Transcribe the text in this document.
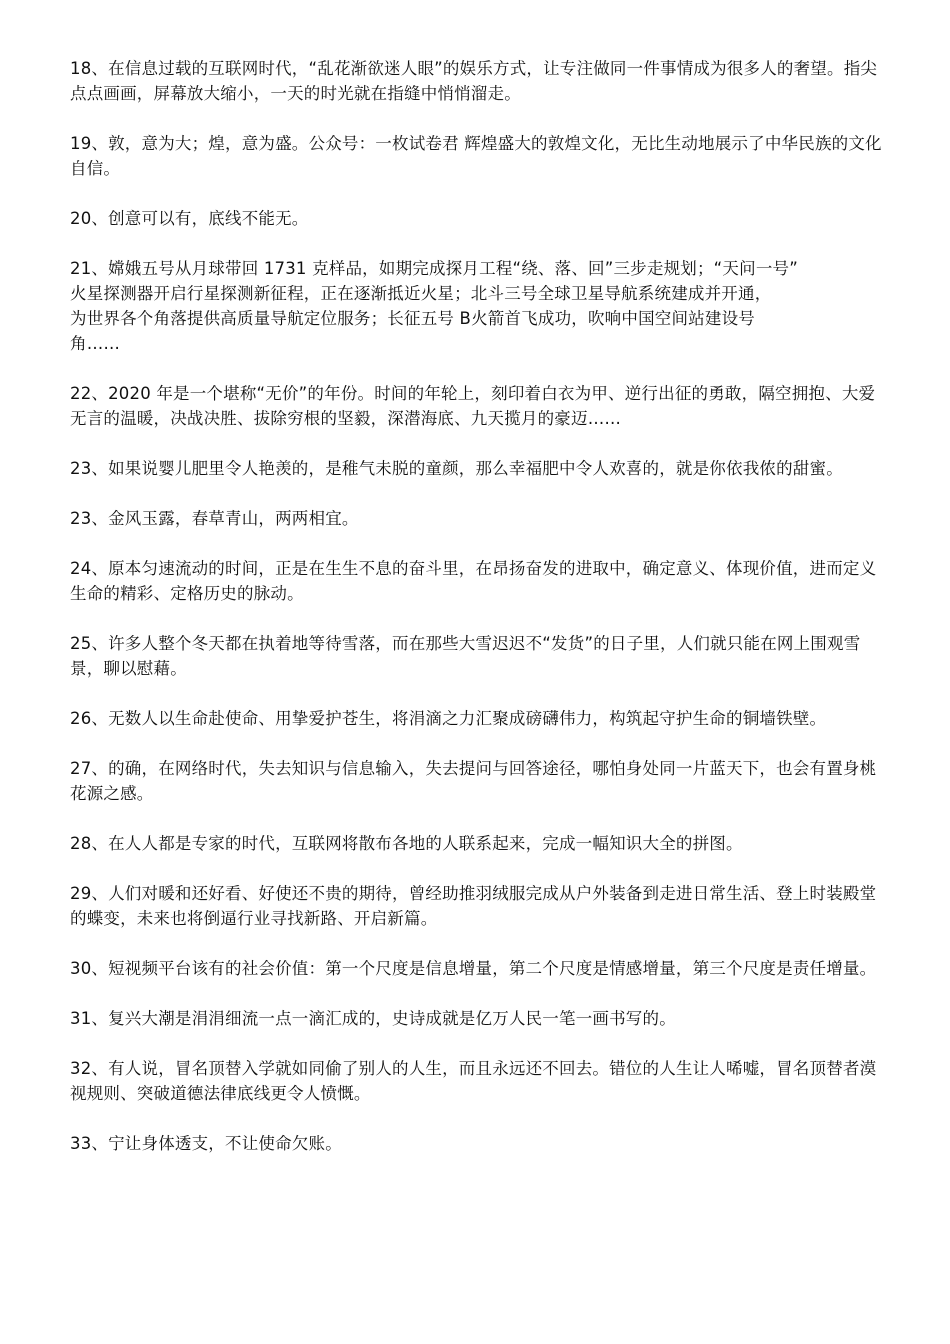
18、在信息过载的互联网时代，“乱花渐欲迷人眼”的娱乐方式，让专注做同一件事情成为很多人的奢望。指尖点点画画，屏幕放大缩小，一天的时光就在指缝中悄悄溜走。

19、敦，意为大；煌，意为盛。公众号：一枚试卷君 辉煌盛大的敦煌文化，无比生动地展示了中华民族的文化自信。

20、创意可以有，底线不能无。

21、嫦娥五号从月球带回 1731 克样品，如期完成探月工程“绕、落、回”三步走规划；“天问一号”
火星探测器开启行星探测新征程，正在逐渐抵近火星；北斗三号全球卫星导航系统建成并开通，
为世界各个角落提供高质量导航定位服务；长征五号 B火箭首飞成功，吹响中国空间站建设号
角……

22、2020 年是一个堪称“无价”的年份。时间的年轮上，刻印着白衣为甲、逆行出征的勇敢，隔空拥抱、大爱无言的温暖，决战决胜、拔除穷根的坚毅，深潜海底、九天揽月的豪迈……

23、如果说婴儿肥里令人艳羡的，是稚气未脱的童颜，那么幸福肥中令人欢喜的，就是你依我侬的甜蜜。

23、金风玉露，春草青山，两两相宜。

24、原本匀速流动的时间，正是在生生不息的奋斗里，在昂扬奋发的进取中，确定意义、体现价值，进而定义生命的精彩、定格历史的脉动。

25、许多人整个冬天都在执着地等待雪落，而在那些大雪迟迟不“发货”的日子里，人们就只能在网上围观雪景，聊以慰藉。

26、无数人以生命赴使命、用挚爱护苍生，将涓滴之力汇聚成磅礴伟力，构筑起守护生命的铜墙铁壁。

27、的确，在网络时代，失去知识与信息输入，失去提问与回答途径，哪怕身处同一片蓝天下，也会有置身桃花源之感。

28、在人人都是专家的时代，互联网将散布各地的人联系起来，完成一幅知识大全的拼图。

29、人们对暖和还好看、好使还不贵的期待，曾经助推羽绒服完成从户外装备到走进日常生活、登上时装殿堂的蝶变，未来也将倒逼行业寻找新路、开启新篇。

30、短视频平台该有的社会价值：第一个尺度是信息增量，第二个尺度是情感增量，第三个尺度是责任增量。

31、复兴大潮是涓涓细流一点一滴汇成的，史诗成就是亿万人民一笔一画书写的。

32、有人说，冒名顶替入学就如同偷了别人的人生，而且永远还不回去。错位的人生让人唏嘘，冒名顶替者漠视规则、突破道德法律底线更令人愤慨。

33、宁让身体透支，不让使命欠账。
